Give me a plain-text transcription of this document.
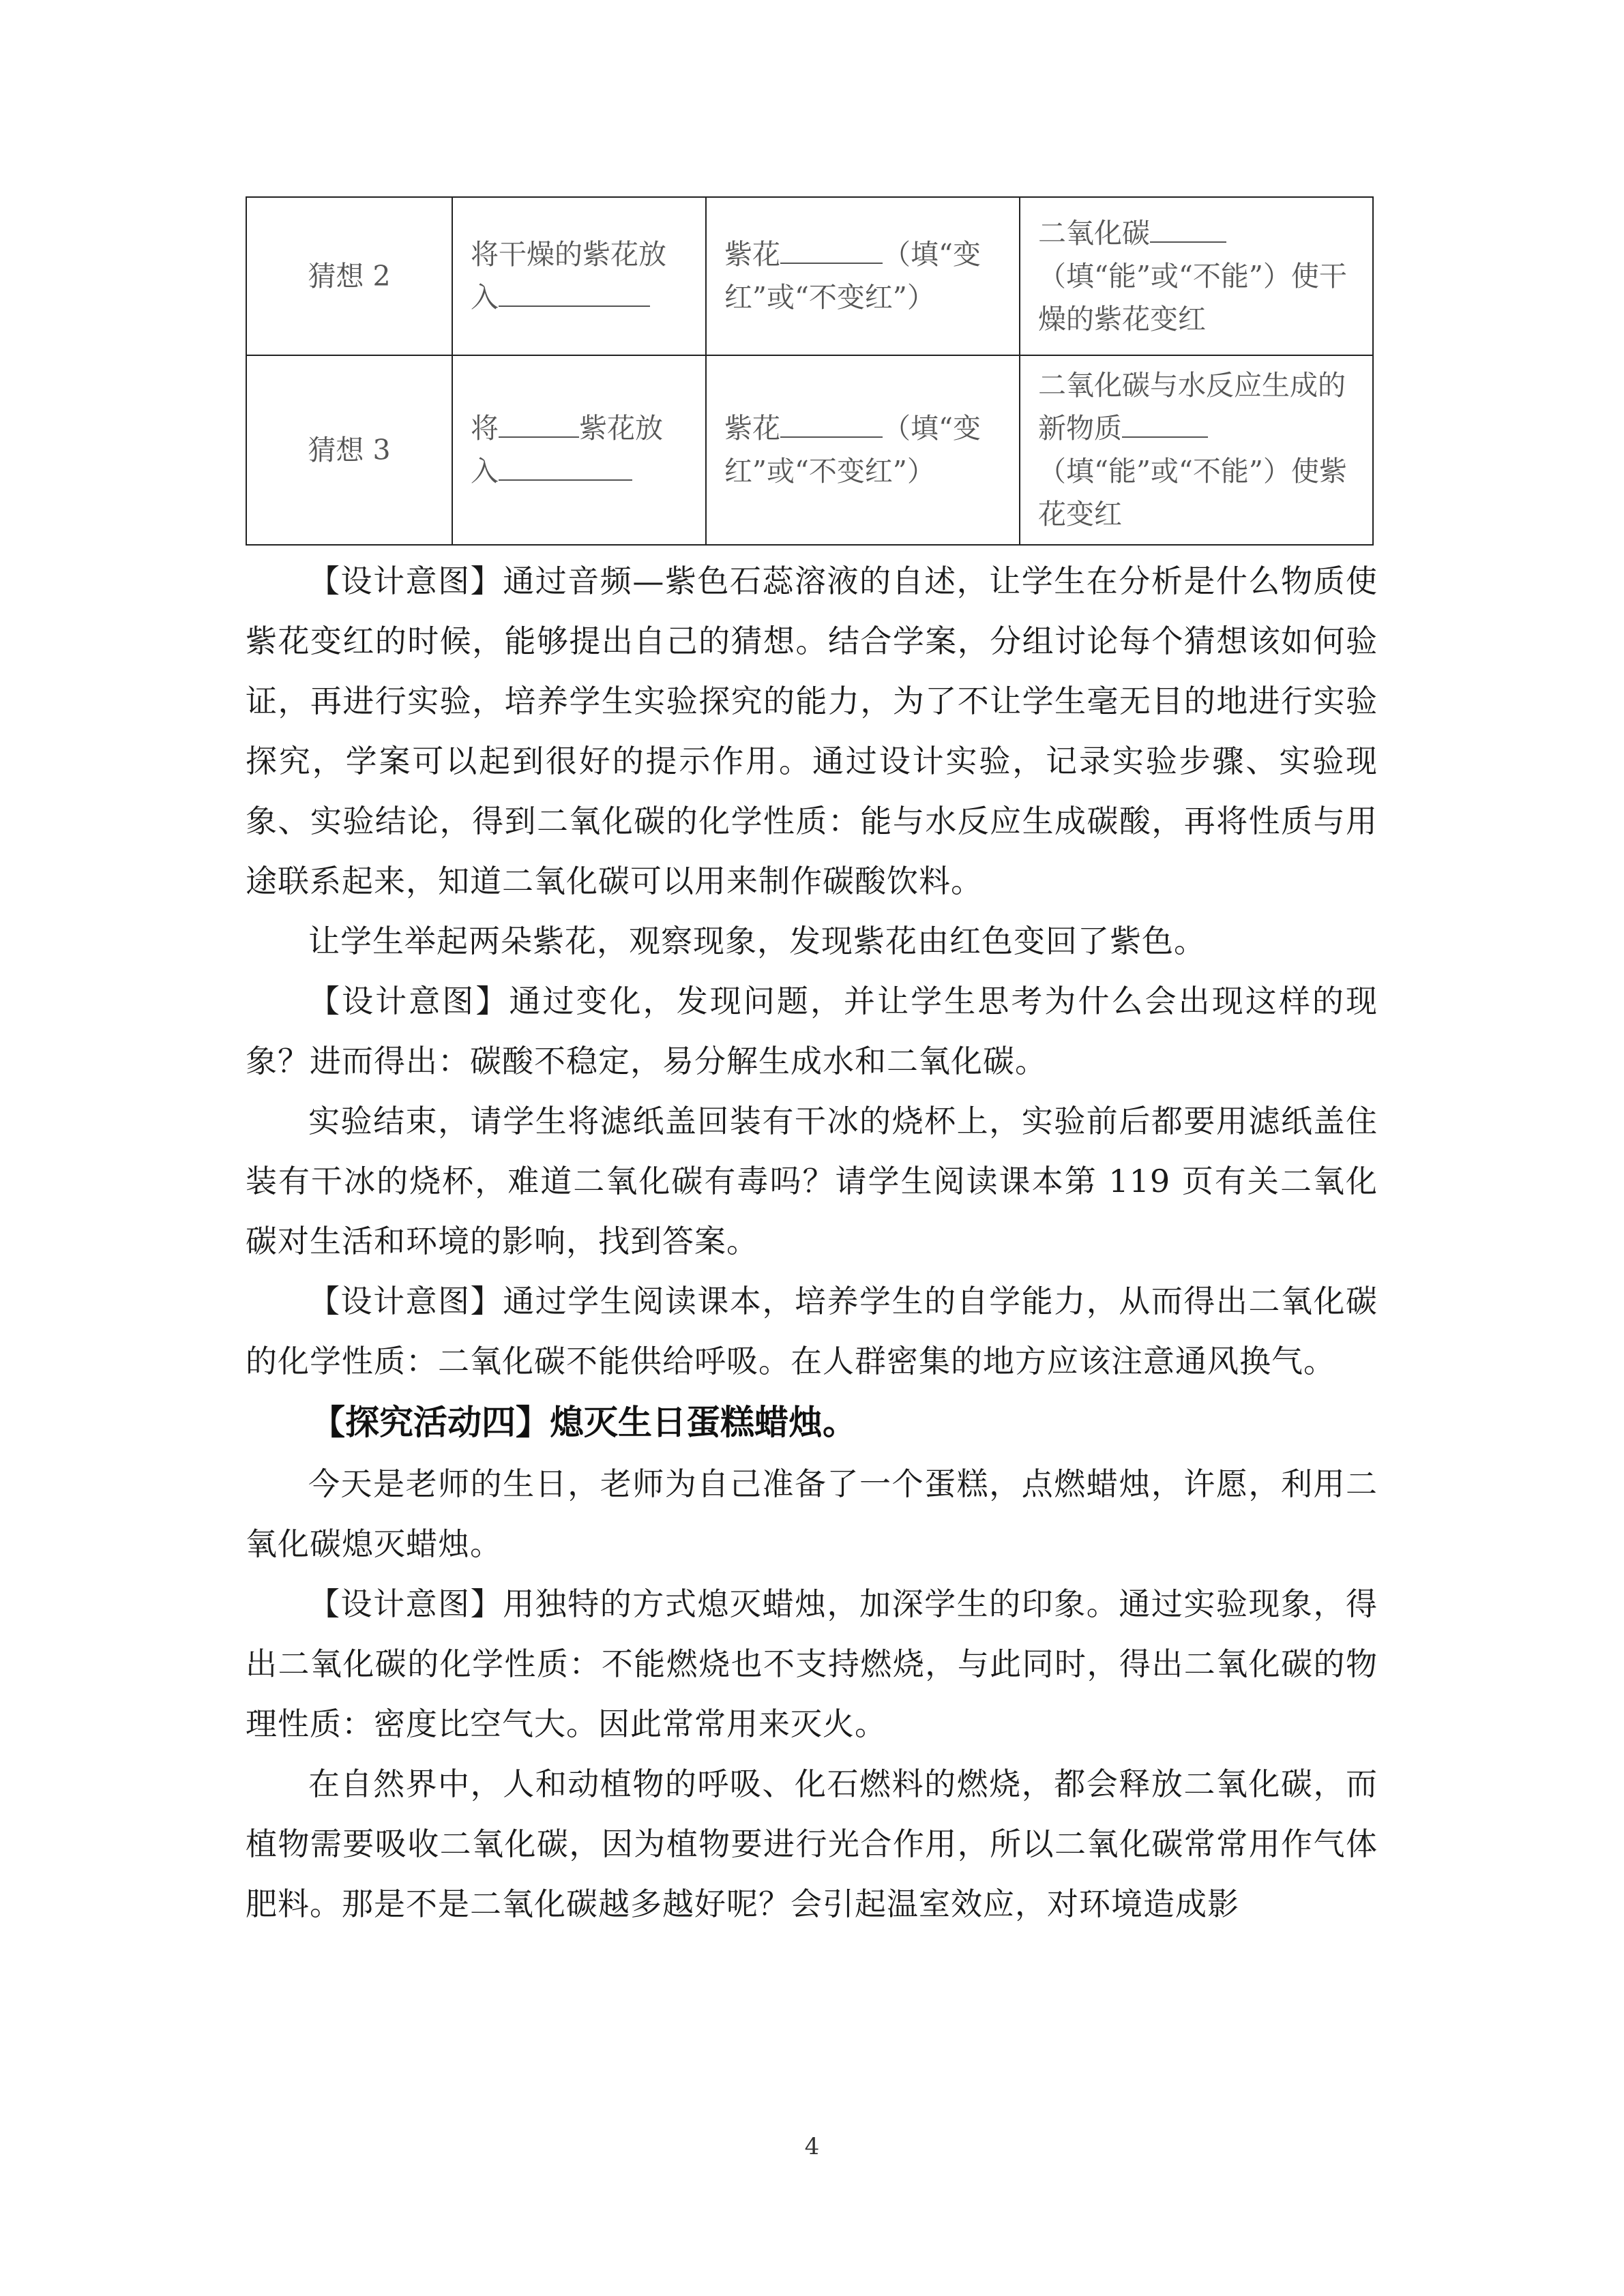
猜想 2	将干燥的紫花放入	紫花 （填“变红”或“不变红”）	二氧化碳（填“能”或“不能”）使干燥的紫花变红
猜想 3	将 紫花放入	紫花 （填“变红”或“不变红”）	二氧化碳与水反应生成的新物质（填“能”或“不能”）使紫花变红

【设计意图】通过音频—紫色石蕊溶液的自述，让学生在分析是什么物质使紫花变红的时候，能够提出自己的猜想。结合学案，分组讨论每个猜想该如何验证，再进行实验，培养学生实验探究的能力，为了不让学生毫无目的地进行实验探究，学案可以起到很好的提示作用。通过设计实验，记录实验步骤、实验现象、实验结论，得到二氧化碳的化学性质：能与水反应生成碳酸，再将性质与用途联系起来，知道二氧化碳可以用来制作碳酸饮料。

让学生举起两朵紫花，观察现象，发现紫花由红色变回了紫色。

【设计意图】通过变化，发现问题，并让学生思考为什么会出现这样的现象？进而得出：碳酸不稳定，易分解生成水和二氧化碳。

实验结束，请学生将滤纸盖回装有干冰的烧杯上，实验前后都要用滤纸盖住装有干冰的烧杯，难道二氧化碳有毒吗？请学生阅读课本第 119 页有关二氧化碳对生活和环境的影响，找到答案。

【设计意图】通过学生阅读课本，培养学生的自学能力，从而得出二氧化碳的化学性质：二氧化碳不能供给呼吸。在人群密集的地方应该注意通风换气。

【探究活动四】熄灭生日蛋糕蜡烛。

今天是老师的生日，老师为自己准备了一个蛋糕，点燃蜡烛，许愿，利用二氧化碳熄灭蜡烛。

【设计意图】用独特的方式熄灭蜡烛，加深学生的印象。通过实验现象，得出二氧化碳的化学性质：不能燃烧也不支持燃烧，与此同时，得出二氧化碳的物理性质：密度比空气大。因此常常用来灭火。

在自然界中，人和动植物的呼吸、化石燃料的燃烧，都会释放二氧化碳，而植物需要吸收二氧化碳，因为植物要进行光合作用，所以二氧化碳常常用作气体肥料。那是不是二氧化碳越多越好呢？会引起温室效应，对环境造成影

4
